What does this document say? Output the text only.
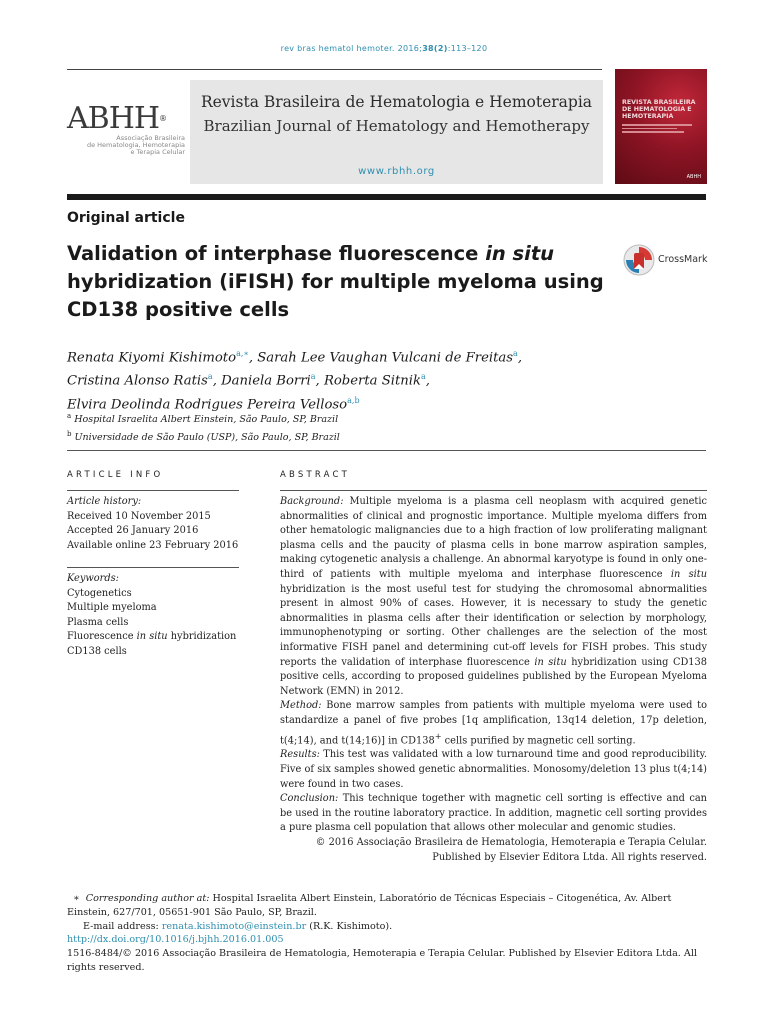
rev bras hematol hemoter. 2016;38(2):113–120
ABHH®
Associação Brasileira
de Hematologia, Hemoterapia
e Terapia Celular
Revista Brasileira de Hematologia e Hemoterapia
Brazilian Journal of Hematology and Hemotherapy
www.rbhh.org
REVISTA BRASILEIRA DE HEMATOLOGIA E HEMOTERAPIA
ABHH
Original article
Validation of interphase fluorescence in situ
hybridization (iFISH) for multiple myeloma using CD138 positive cells
CrossMark
Renata Kiyomi Kishimoto$^{a,∗}$, Sarah Lee Vaughan Vulcani de Freitas$^a$,
Cristina Alonso Ratis$^a$, Daniela Borri$^a$, Roberta Sitnik$^a$,
Elvira Deolinda Rodrigues Pereira Velloso$^{a,b}$
$^a$ Hospital Israelita Albert Einstein, São Paulo, SP, Brazil
$^b$ Universidade de São Paulo (USP), São Paulo, SP, Brazil
ARTICLE INFO	ABSTRACT
Article history:
Received 10 November 2015
Accepted 26 January 2016
Available online 23 February 2016
Keywords:
Cytogenetics
Multiple myeloma
Plasma cells
Fluorescence in situ hybridization
CD138 cells

Background: Multiple myeloma is a plasma cell neoplasm with acquired genetic abnormalities of clinical and prognostic importance. Multiple myeloma differs from other hematologic malignancies due to a high fraction of low proliferating malignant plasma cells and the paucity of plasma cells in bone marrow aspiration samples, making cytogenetic analysis a challenge. An abnormal karyotype is found in only one-third of patients with multiple myeloma and interphase fluorescence in situ hybridization is the most useful test for studying the chromosomal abnormalities present in almost 90% of cases. However, it is necessary to study the genetic abnormalities in plasma cells after their identification or selection by morphology, immunophenotyping or sorting. Other challenges are the selection of the most informative FISH panel and determining cut-off levels for FISH probes. This study reports the validation of interphase fluorescence in situ hybridization using CD138 positive cells, according to proposed guidelines published by the European Myeloma Network (EMN) in 2012.

Method: Bone marrow samples from patients with multiple myeloma were used to standardize a panel of five probes [1q amplification, 13q14 deletion, 17p deletion, t(4;14), and t(14;16)] in CD138+ cells purified by magnetic cell sorting.

Results: This test was validated with a low turnaround time and good reproducibility. Five of six samples showed genetic abnormalities. Monosomy/deletion 13 plus t(4;14) were found in two cases.

Conclusion: This technique together with magnetic cell sorting is effective and can be used in the routine laboratory practice. In addition, magnetic cell sorting provides a pure plasma cell population that allows other molecular and genomic studies.

© 2016 Associação Brasileira de Hematologia, Hemoterapia e Terapia Celular. Published by Elsevier Editora Ltda. All rights reserved.

∗ Corresponding author at: Hospital Israelita Albert Einstein, Laboratório de Técnicas Especiais – Citogenética, Av. Albert Einstein, 627/701, 05651-901 São Paulo, SP, Brazil.
E-mail address: renata.kishimoto@einstein.br (R.K. Kishimoto).
http://dx.doi.org/10.1016/j.bjhh.2016.01.005
1516-8484/© 2016 Associação Brasileira de Hematologia, Hemoterapia e Terapia Celular. Published by Elsevier Editora Ltda. All rights reserved.
